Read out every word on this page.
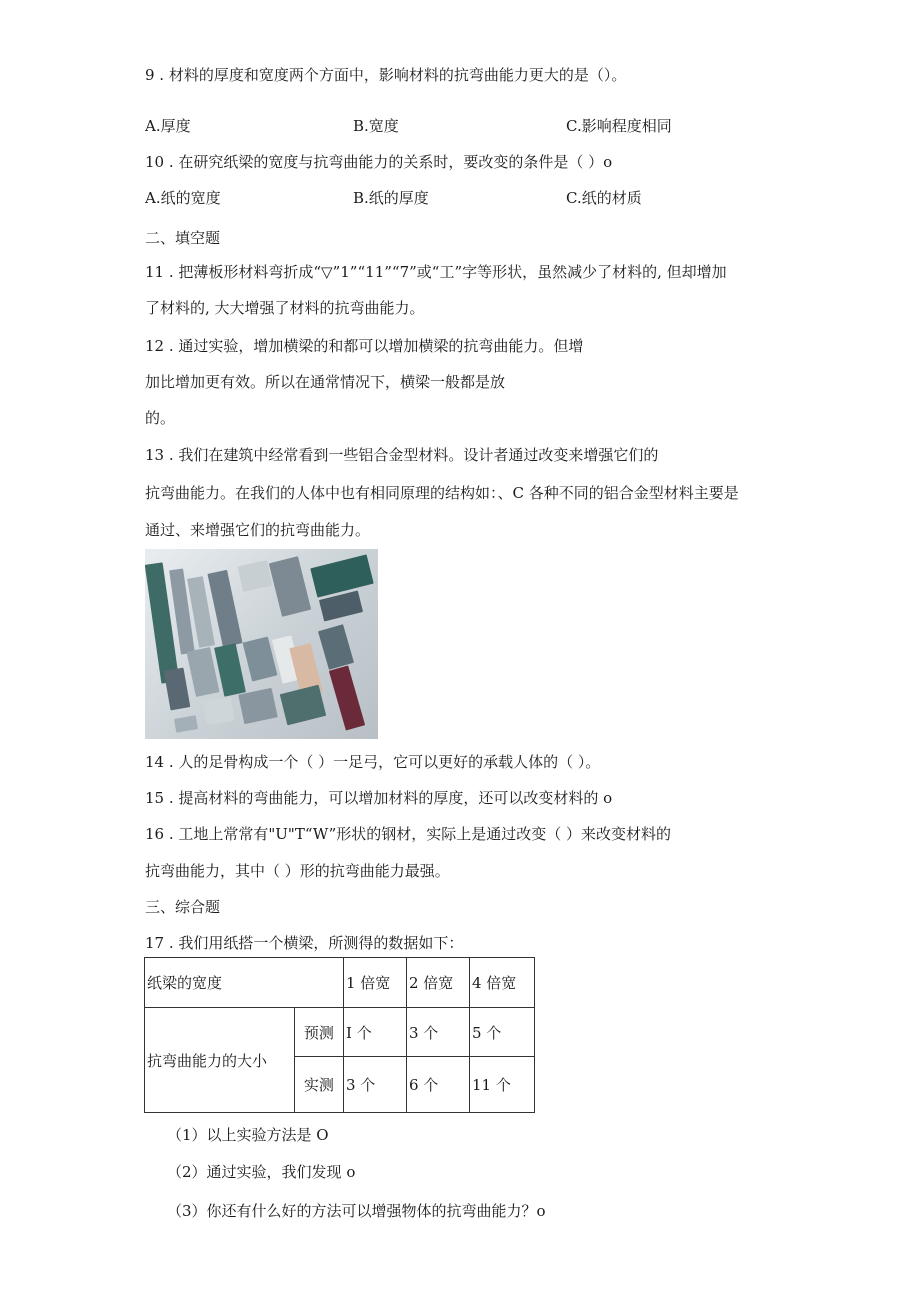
9 . 材料的厚度和宽度两个方面中，影响材料的抗弯曲能力更大的是（）。
A.厚度	B.宽度	C.影响程度相同
10 . 在研究纸梁的宽度与抗弯曲能力的关系时，要改变的条件是（ ）o
A.纸的宽度	B.纸的厚度	C.纸的材质
二、填空题
11 . 把薄板形材料弯折成“▽”1”“11”“7”或“工”字等形状，虽然减少了材料的, 但却增加
了材料的, 大大增强了材料的抗弯曲能力。
12 . 通过实验，增加横梁的和都可以增加横梁的抗弯曲能力。但增
加比增加更有效。所以在通常情况下，横梁一般都是放
的。
13 . 我们在建筑中经常看到一些铝合金型材料。设计者通过改变来增强它们的
抗弯曲能力。在我们的人体中也有相同原理的结构如：、C 各种不同的铝合金型材料主要是
通过、来增强它们的抗弯曲能力。
14 . 人的足骨构成一个（ ）一足弓，它可以更好的承载人体的（ ）。
15 . 提高材料的弯曲能力，可以增加材料的厚度，还可以改变材料的 o
16 . 工地上常常有"U"T“W”形状的钢材，实际上是通过改变（ ）来改变材料的
抗弯曲能力，其中（ ）形的抗弯曲能力最强。
三、综合题
17 . 我们用纸搭一个横梁，所测得的数据如下：
纸梁的宽度		1 倍宽	2 倍宽	4 倍宽
抗弯曲能力的大小	预测	I 个	3 个	5 个
	实测	3 个	6 个	11 个
（1）以上实验方法是 O
（2）通过实验，我们发现 o
（3）你还有什么好的方法可以增强物体的抗弯曲能力？o
